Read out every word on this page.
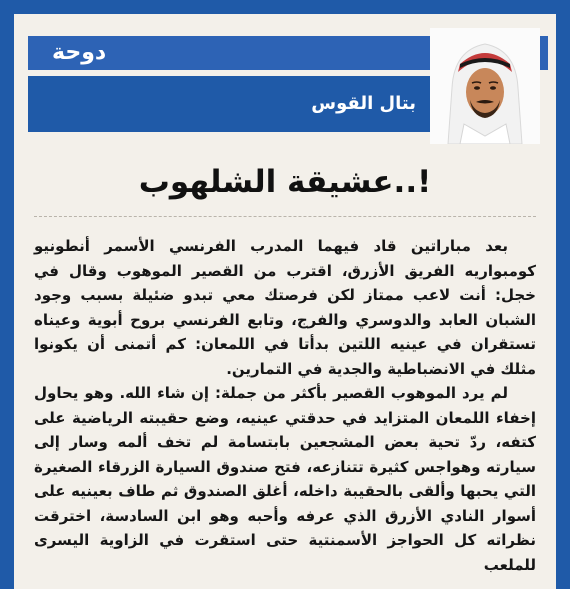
دوحة
بتال القوس
عشيقة الشلهوب..!

بعد مباراتين قاد فيهما المدرب الفرنسي الأسمر أنطونيو كومبواريه الفريق الأزرق، اقترب من القصير الموهوب وقال في خجل: أنت لاعب ممتاز لكن فرصتك معي تبدو ضئيلة بسبب وجود الشبان العابد والدوسري والفرج، وتابع الفرنسي بروح أبوية وعيناه تستقران في عينيه اللتين بدأتا في اللمعان: كم أتمنى أن يكونوا مثلك في الانضباطية والجدية في التمارين.

لم يرد الموهوب القصير بأكثر من جملة: إن شاء الله. وهو يحاول إخفاء اللمعان المتزايد في حدقتي عينيه، وضع حقيبته الرياضية على كتفه، ردّ تحية بعض المشجعين بابتسامة لم تخف ألمه وسار إلى سيارته وهواجس كثيرة تتنازعه، فتح صندوق السيارة الزرقاء الصغيرة التي يحبها وألقى بالحقيبة داخله، أغلق الصندوق ثم طاف بعينيه على أسوار النادي الأزرق الذي عرفه وأحبه وهو ابن السادسة، اخترقت نظراته كل الحواجز الأسمنتية حتى استقرت في الزاوية اليسرى للملعب
